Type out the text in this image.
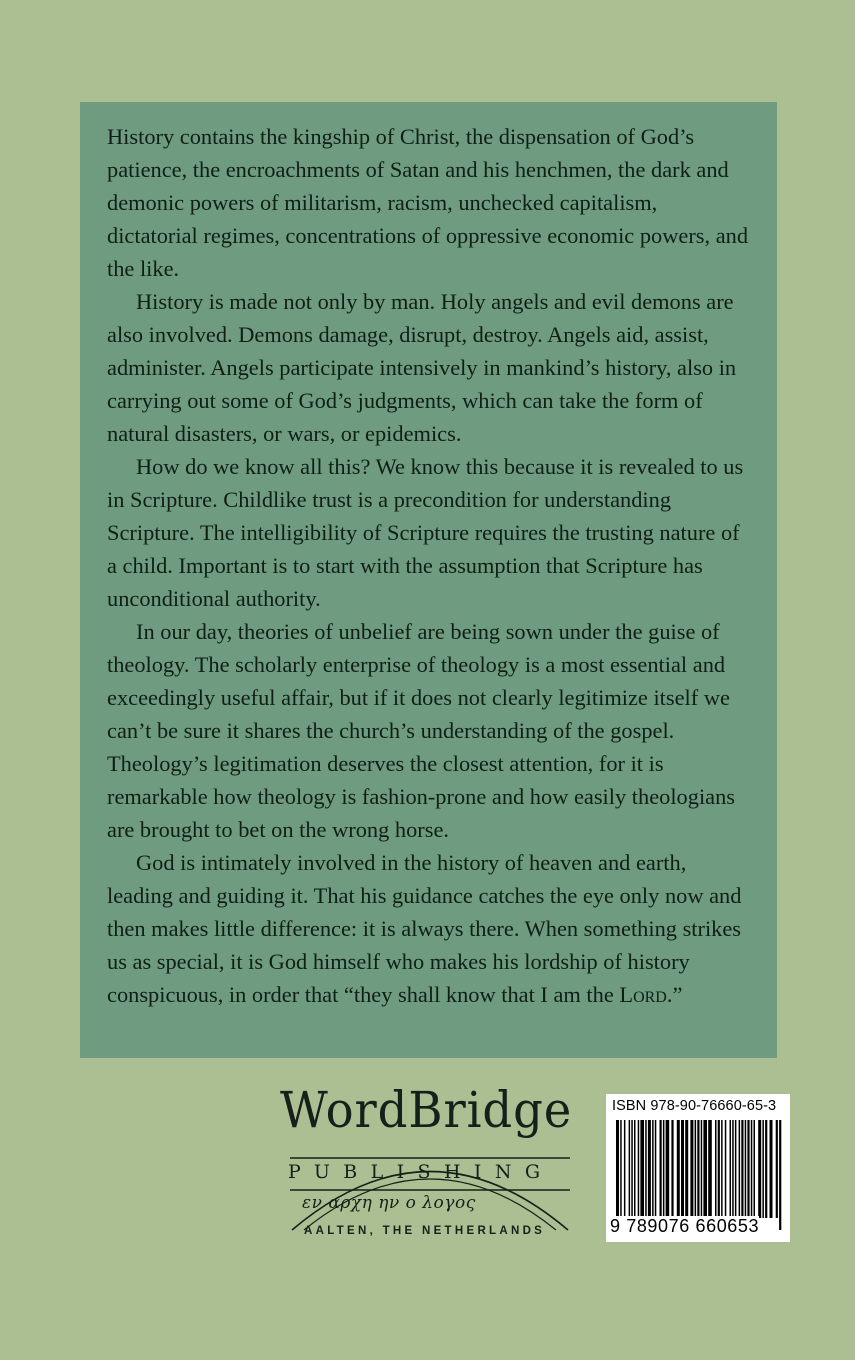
History contains the kingship of Christ, the dispensation of God’s patience, the encroachments of Satan and his henchmen, the dark and demonic powers of militarism, racism, unchecked capitalism, dictatorial regimes, concentrations of oppressive economic powers, and the like.

History is made not only by man. Holy angels and evil demons are also involved. Demons damage, disrupt, destroy. Angels aid, assist, administer. Angels participate intensively in mankind’s history, also in carrying out some of God’s judgments, which can take the form of natural disasters, or wars, or epidemics.

How do we know all this? We know this because it is revealed to us in Scripture. Childlike trust is a precondition for understanding Scripture. The intelligibility of Scripture requires the trusting nature of a child. Important is to start with the assumption that Scripture has unconditional authority.

In our day, theories of unbelief are being sown under the guise of theology. The scholarly enterprise of theology is a most essential and exceedingly useful affair, but if it does not clearly legitimize itself we can’t be sure it shares the church’s understanding of the gospel. Theology’s legitimation deserves the closest attention, for it is remarkable how theology is fashion-prone and how easily theologians are brought to bet on the wrong horse.

God is intimately involved in the history of heaven and earth, leading and guiding it. That his guidance catches the eye only now and then makes little difference: it is always there. When something strikes us as special, it is God himself who makes his lordship of history conspicuous, in order that “they shall know that I am the Lord.”

WordBridge
PUBLISHING
εν αρχη ην ο λογος
AALTEN, THE NETHERLANDS
ISBN 978-90-76660-65-3
9 789076 660653
